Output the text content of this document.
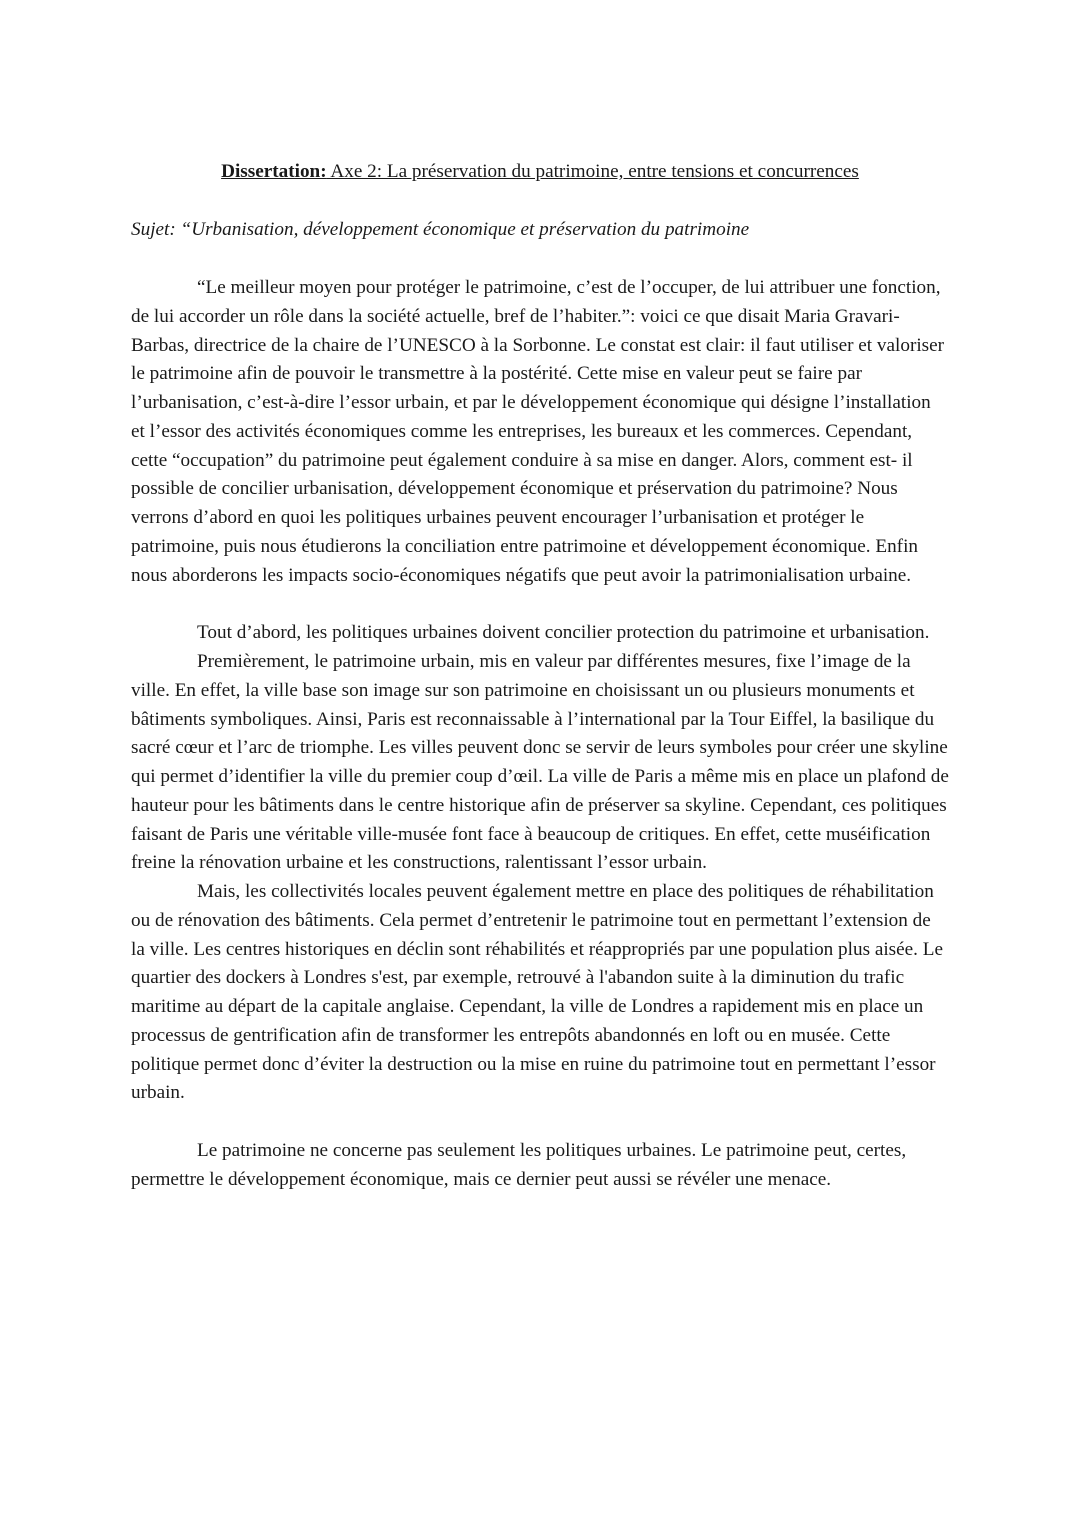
Dissertation: Axe 2: La préservation du patrimoine, entre tensions et concurrences

Sujet: “Urbanisation, développement économique et préservation du patrimoine

“Le meilleur moyen pour protéger le patrimoine, c’est de l’occuper, de lui attribuer une fonction, de lui accorder un rôle dans la société actuelle, bref de l’habiter.”: voici ce que disait Maria Gravari-Barbas, directrice de la chaire de l’UNESCO à la Sorbonne. Le constat est clair: il faut utiliser et valoriser le patrimoine afin de pouvoir le transmettre à la postérité. Cette mise en valeur peut se faire par l’urbanisation, c’est-à-dire l’essor urbain, et par le développement économique qui désigne l’installation et l’essor des activités économiques comme les entreprises, les bureaux et les commerces. Cependant, cette “occupation” du patrimoine peut également conduire à sa mise en danger. Alors, comment est- il possible de concilier urbanisation, développement économique et préservation du patrimoine? Nous verrons d’abord en quoi les politiques urbaines peuvent encourager l’urbanisation et protéger le patrimoine, puis nous étudierons la conciliation entre patrimoine et développement économique. Enfin nous aborderons les impacts socio-économiques négatifs que peut avoir la patrimonialisation urbaine.

Tout d’abord, les politiques urbaines doivent concilier protection du patrimoine et urbanisation.

Premièrement, le patrimoine urbain, mis en valeur par différentes mesures, fixe l’image de la ville. En effet, la ville base son image sur son patrimoine en choisissant un ou plusieurs monuments et bâtiments symboliques. Ainsi, Paris est reconnaissable à l’international par la Tour Eiffel, la basilique du sacré cœur et l’arc de triomphe. Les villes peuvent donc se servir de leurs symboles pour créer une skyline qui permet d’identifier la ville du premier coup d’œil. La ville de Paris a même mis en place un plafond de hauteur pour les bâtiments dans le centre historique afin de préserver sa skyline. Cependant, ces politiques faisant de Paris une véritable ville-musée font face à beaucoup de critiques. En effet, cette muséification freine la rénovation urbaine et les constructions, ralentissant l’essor urbain.

Mais, les collectivités locales peuvent également mettre en place des politiques de réhabilitation ou de rénovation des bâtiments. Cela permet d’entretenir le patrimoine tout en permettant l’extension de la ville. Les centres historiques en déclin sont réhabilités et réappropriés par une population plus aisée. Le quartier des dockers à Londres s'est, par exemple, retrouvé à l'abandon suite à la diminution du trafic maritime au départ de la capitale anglaise. Cependant, la ville de Londres a rapidement mis en place un processus de gentrification afin de transformer les entrepôts abandonnés en loft ou en musée. Cette politique permet donc d’éviter la destruction ou la mise en ruine du patrimoine tout en permettant l’essor urbain.

Le patrimoine ne concerne pas seulement les politiques urbaines. Le patrimoine peut, certes, permettre le développement économique, mais ce dernier peut aussi se révéler une menace.
